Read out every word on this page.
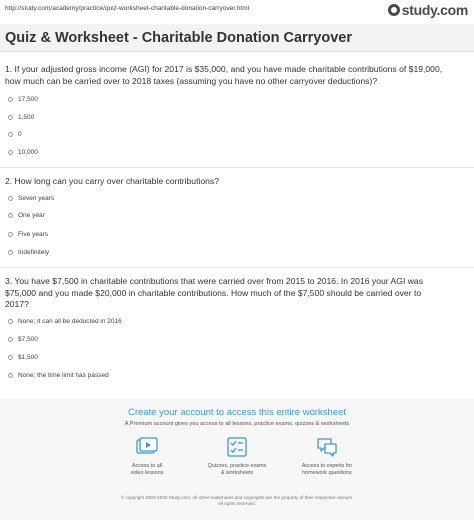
http://study.com/academy/practice/quiz-worksheet-charitable-donation-carryover.html	study.com
Quiz & Worksheet - Charitable Donation Carryover
1. If your adjusted gross income (AGI) for 2017 is $35,000, and you have made charitable contributions of $19,000,
how much can be carried over to 2018 taxes (assuming you have no other carryover deductions)?
17,500
1,500
0
10,000
2. How long can you carry over charitable contributions?
Seven years
One year
Five years
Indefinitely
3. You have $7,500 in charitable contributions that were carried over from 2015 to 2016. In 2016 your AGI was
$75,000 and you made $20,000 in charitable contributions. How much of the $7,500 should be carried over to
2017?
None; it can all be deducted in 2016
$7,500
$1,500
None; the time limit has passed
Create your account to access this entire worksheet
A Premium account gives you access to all lessons, practice exams, quizzes & worksheets
Access to all
video lessons
Quizzes, practice exams
& worksheets
Access to experts for
homework questions
© copyright 2003-2020 Study.com. All other trademarks and copyrights are the property of their respective owners.
All rights reserved.
